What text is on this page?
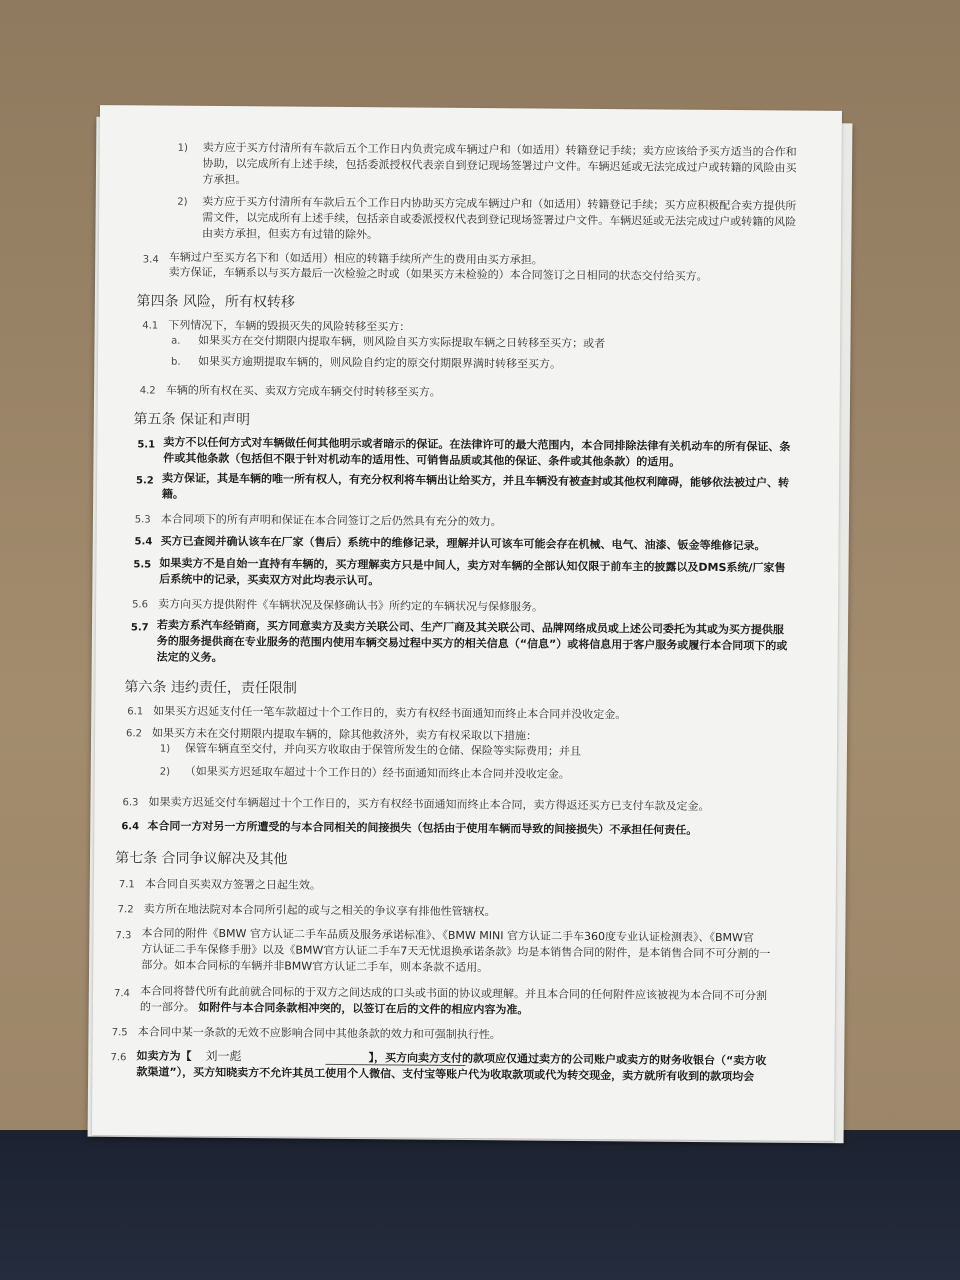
1) 卖方应于买方付清所有车款后五个工作日内负责完成车辆过户和（如适用）转籍登记手续；卖方应该给予买方适当的合作和
协助，以完成所有上述手续，包括委派授权代表亲自到登记现场签署过户文件。车辆迟延或无法完成过户或转籍的风险由买
方承担。
2) 卖方应于买方付清所有车款后五个工作日内协助买方完成车辆过户和（如适用）转籍登记手续；买方应积极配合卖方提供所
需文件，以完成所有上述手续，包括亲自或委派授权代表到登记现场签署过户文件。车辆迟延或无法完成过户或转籍的风险
由卖方承担，但卖方有过错的除外。
3.4 车辆过户至买方名下和（如适用）相应的转籍手续所产生的费用由买方承担。
卖方保证，车辆系以与买方最后一次检验之时或（如果买方未检验的）本合同签订之日相同的状态交付给买方。
第四条 风险，所有权转移
4.1 下列情况下，车辆的毁损灭失的风险转移至买方：
a. 如果买方在交付期限内提取车辆，则风险自买方实际提取车辆之日转移至买方；或者
b. 如果买方逾期提取车辆的，则风险自约定的原交付期限界满时转移至买方。
4.2 车辆的所有权在买、卖双方完成车辆交付时转移至买方。
第五条 保证和声明
5.1 卖方不以任何方式对车辆做任何其他明示或者暗示的保证。在法律许可的最大范围内，本合同排除法律有关机动车的所有保证、条
件或其他条款（包括但不限于针对机动车的适用性、可销售品质或其他的保证、条件或其他条款）的适用。
5.2 卖方保证，其是车辆的唯一所有权人，有充分权利将车辆出让给买方，并且车辆没有被查封或其他权利障碍，能够依法被过户、转
籍。
5.3 本合同项下的所有声明和保证在本合同签订之后仍然具有充分的效力。
5.4 买方已查阅并确认该车在厂家（售后）系统中的维修记录，理解并认可该车可能会存在机械、电气、油漆、钣金等维修记录。
5.5 如果卖方不是自始一直持有车辆的，买方理解卖方只是中间人，卖方对车辆的全部认知仅限于前车主的披露以及DMS系统/厂家售
后系统中的记录，买卖双方对此均表示认可。
5.6 卖方向买方提供附件《车辆状况及保修确认书》所约定的车辆状况与保修服务。
5.7 若卖方系汽车经销商，买方同意卖方及卖方关联公司、生产厂商及其关联公司、品牌网络成员或上述公司委托为其或为买方提供服
务的服务提供商在专业服务的范围内使用车辆交易过程中买方的相关信息（“信息”）或将信息用于客户服务或履行本合同项下的或
法定的义务。
第六条 违约责任，责任限制
6.1 如果买方迟延支付任一笔车款超过十个工作日的，卖方有权经书面通知而终止本合同并没收定金。
6.2 如果买方未在交付期限内提取车辆的，除其他救济外，卖方有权采取以下措施：
1) 保管车辆直至交付，并向买方收取由于保管所发生的仓储、保险等实际费用；并且
2) （如果买方迟延取车超过十个工作日的）经书面通知而终止本合同并没收定金。
6.3 如果卖方迟延交付车辆超过十个工作日的，买方有权经书面通知而终止本合同，卖方得返还买方已支付车款及定金。
6.4 本合同一方对另一方所遭受的与本合同相关的间接损失（包括由于使用车辆而导致的间接损失）不承担任何责任。
第七条 合同争议解决及其他
7.1 本合同自买卖双方签署之日起生效。
7.2 卖方所在地法院对本合同所引起的或与之相关的争议享有排他性管辖权。
7.3 本合同的附件《BMW 官方认证二手车品质及服务承诺标准》、《BMW MINI 官方认证二手车360度专业认证检测表》、《BMW官
方认证二手车保修手册》以及《BMW官方认证二手车7天无忧退换承诺条款》均是本销售合同的附件，是本销售合同不可分割的一
部分。如本合同标的车辆并非BMW官方认证二手车，则本条款不适用。
7.4 本合同将替代所有此前就合同标的于双方之间达成的口头或书面的协议或理解。并且本合同的任何附件应该被视为本合同不可分割
的一部分。 如附件与本合同条款相冲突的，以签订在后的文件的相应内容为准。
7.5 本合同中某一条款的无效不应影响合同中其他条款的效力和可强制执行性。
7.6 如卖方为【 刘一彪	】，买方向卖方支付的款项应仅通过卖方的公司账户或卖方的财务收银台（“卖方收
款渠道”），买方知晓卖方不允许其员工使用个人微信、支付宝等账户代为收取款项或代为转交现金，卖方就所有收到的款项均会
